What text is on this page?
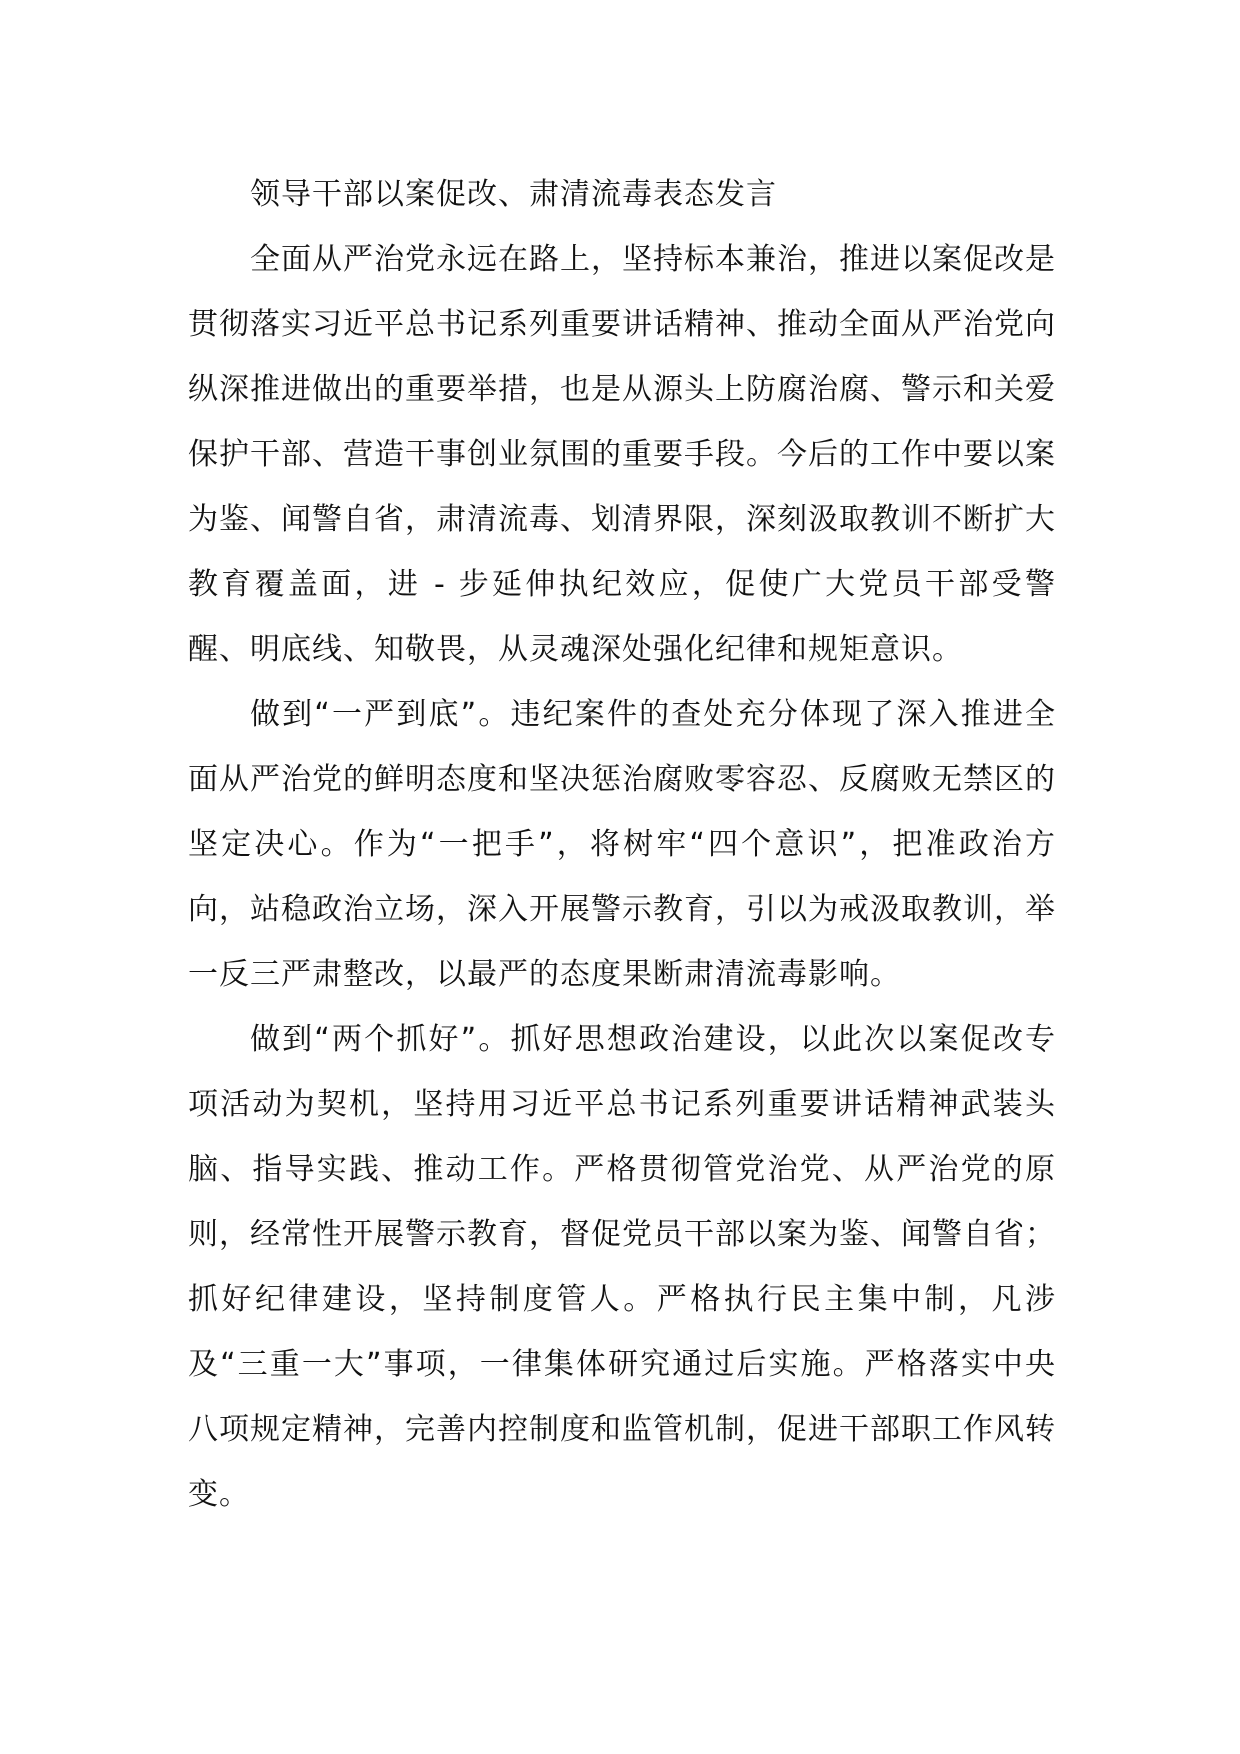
领导干部以案促改、肃清流毒表态发言

全面从严治党永远在路上，坚持标本兼治，推进以案促改是贯彻落实习近平总书记系列重要讲话精神、推动全面从严治党向纵深推进做出的重要举措，也是从源头上防腐治腐、警示和关爱保护干部、营造干事创业氛围的重要手段。今后的工作中要以案为鉴、闻警自省，肃清流毒、划清界限，深刻汲取教训不断扩大教育覆盖面，进 - 步延伸执纪效应，促使广大党员干部受警醒、明底线、知敬畏，从灵魂深处强化纪律和规矩意识。

做到“一严到底”。违纪案件的查处充分体现了深入推进全面从严治党的鲜明态度和坚决惩治腐败零容忍、反腐败无禁区的坚定决心。作为“一把手”，将树牢“四个意识”，把准政治方向，站稳政治立场，深入开展警示教育，引以为戒汲取教训，举一反三严肃整改，以最严的态度果断肃清流毒影响。

做到“两个抓好”。抓好思想政治建设，以此次以案促改专项活动为契机，坚持用习近平总书记系列重要讲话精神武装头脑、指导实践、推动工作。严格贯彻管党治党、从严治党的原则，经常性开展警示教育，督促党员干部以案为鉴、闻警自省；抓好纪律建设，坚持制度管人。严格执行民主集中制，凡涉及“三重一大”事项，一律集体研究通过后实施。严格落实中央八项规定精神，完善内控制度和监管机制，促进干部职工作风转变。
